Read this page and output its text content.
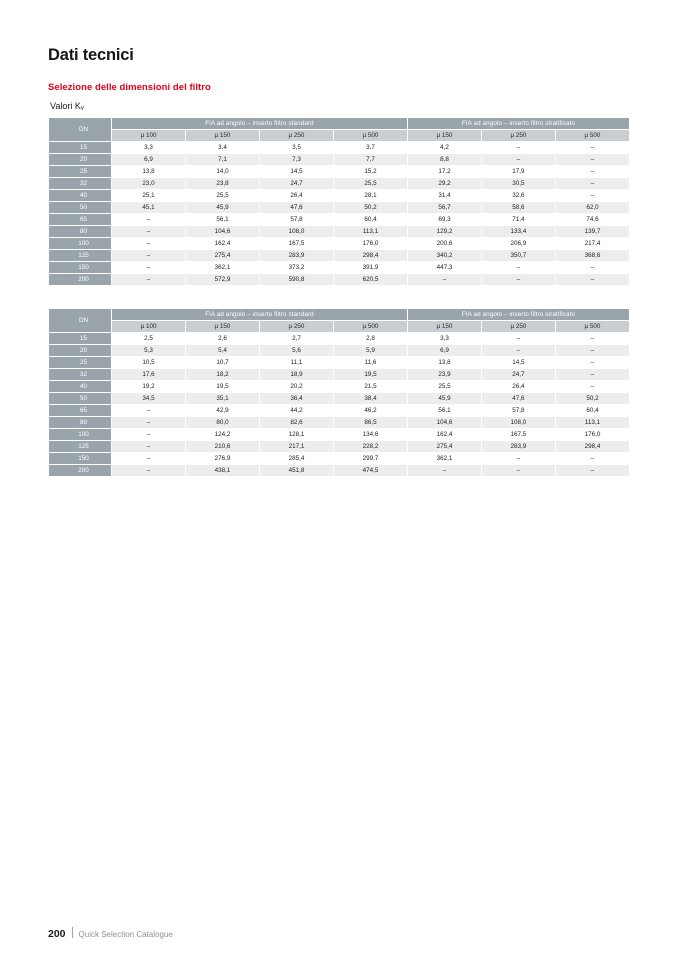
Dati tecnici
Selezione delle dimensioni del filtro
Valori Kᵥ
DN	FIA ad angolo – inserto filtro standard				FIA ad angolo – inserto filtro stratificato		
	µ 100	µ 150	µ 250	µ 500	µ 150	µ 250	µ 500
15	3,3	3,4	3,5	3,7	4,2	–	–
20	6,9	7,1	7,3	7,7	8,8	–	–
25	13,8	14,0	14,5	15,2	17,2	17,9	–
32	23,0	23,8	24,7	25,5	29,2	30,5	–
40	25,1	25,5	26,4	28,1	31,4	32,6	–
50	45,1	45,9	47,6	50,2	56,7	58,6	62,0
65	–	56,1	57,8	60,4	69,3	71,4	74,6
80	–	104,6	108,0	113,1	129,2	133,4	139,7
100	–	162,4	167,5	176,0	200,6	206,9	217,4
125	–	275,4	283,9	298,4	340,2	350,7	368,6
150	–	362,1	373,2	391,9	447,3	–	–
200	–	572,9	590,8	620,5	–	–	–
DN	FIA ad angolo – inserto filtro standard				FIA ad angolo – inserto filtro stratificato		
	µ 100	µ 150	µ 250	µ 500	µ 150	µ 250	µ 500
15	2,5	2,6	2,7	2,8	3,3	–	–
20	5,3	5,4	5,6	5,9	6,9	–	–
25	10,5	10,7	11,1	11,6	13,8	14,5	–
32	17,6	18,2	18,9	19,5	23,9	24,7	–
40	19,2	19,5	20,2	21,5	25,5	26,4	–
50	34,5	35,1	36,4	38,4	45,9	47,6	50,2
65	–	42,9	44,2	46,2	56,1	57,8	60,4
80	–	80,0	82,6	86,5	104,6	108,0	113,1
100	–	124,2	128,1	134,6	162,4	167,5	176,0
125	–	210,6	217,1	228,2	275,4	283,9	298,4
150	–	276,9	285,4	299,7	362,1	–	–
200	–	438,1	451,8	474,5	–	–	–
200 Quick Selection Catalogue
